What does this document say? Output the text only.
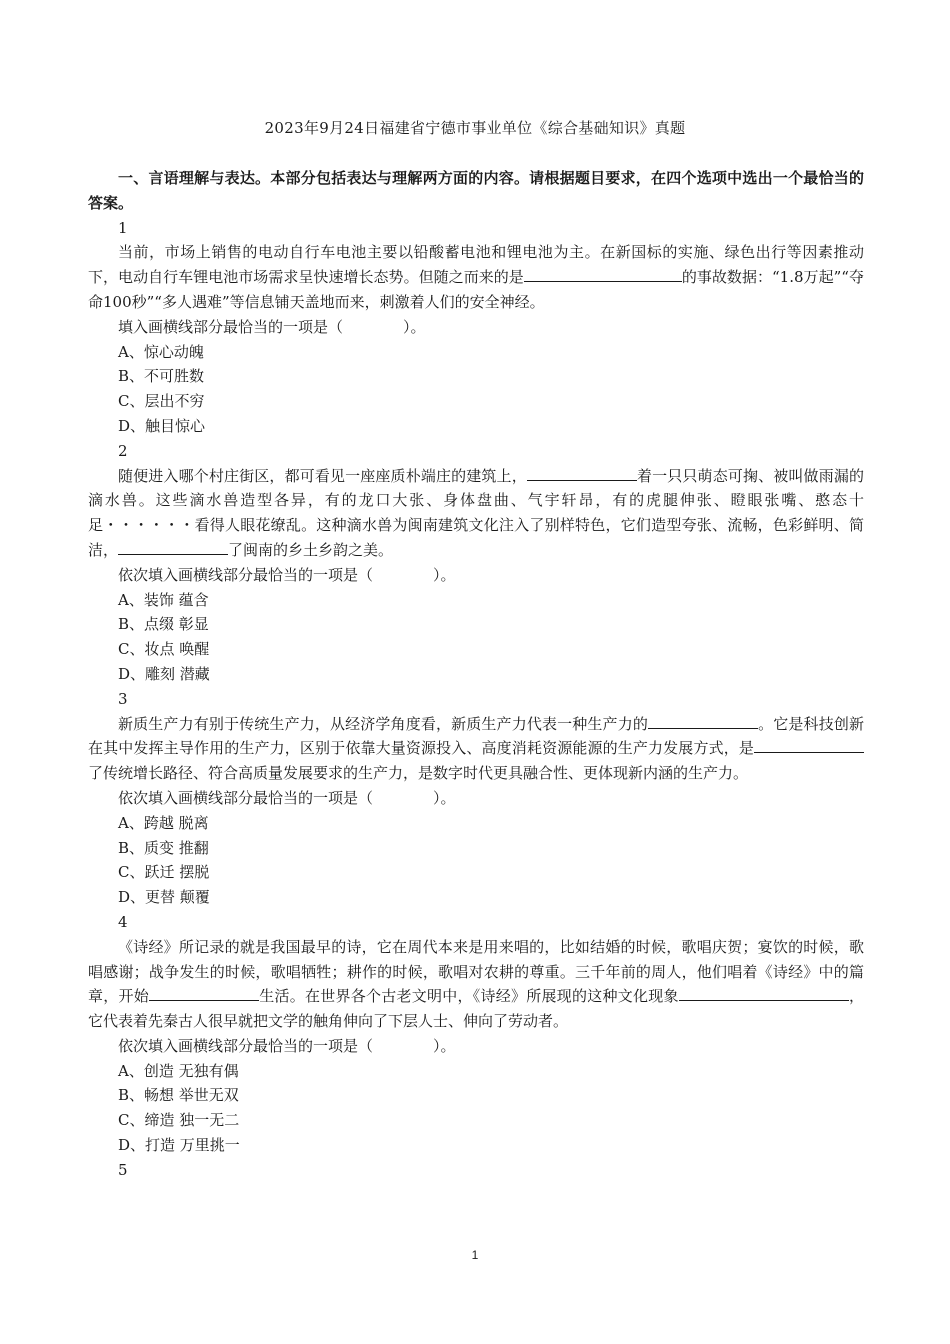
2023年9月24日福建省宁德市事业单位《综合基础知识》真题

一、言语理解与表达。本部分包括表达与理解两方面的内容。请根据题目要求，在四个选项中选出一个最恰当的答案。

1

当前，市场上销售的电动自行车电池主要以铅酸蓄电池和锂电池为主。在新国标的实施、绿色出行等因素推动下，电动自行车锂电池市场需求呈快速增长态势。但随之而来的是	的事故数据：“1.8万起”“夺命100秒”“多人遇难”等信息铺天盖地而来，刺激着人们的安全神经。

填入画横线部分最恰当的一项是（　　　　）。

A、惊心动魄

B、不可胜数

C、层出不穷

D、触目惊心

2

随便进入哪个村庄街区，都可看见一座座质朴端庄的建筑上，	着一只只萌态可掬、被叫做雨漏的滴水兽。这些滴水兽造型各异，有的龙口大张、身体盘曲、气宇轩昂，有的虎腿伸张、瞪眼张嘴、憨态十足・・・・・・看得人眼花缭乱。这种滴水兽为闽南建筑文化注入了别样特色，它们造型夸张、流畅，色彩鲜明、简洁，	了闽南的乡土乡韵之美。

依次填入画横线部分最恰当的一项是（　　　　）。

A、装饰 蕴含

B、点缀 彰显

C、妆点 唤醒

D、雕刻 潜藏

3

新质生产力有别于传统生产力，从经济学角度看，新质生产力代表一种生产力的	。它是科技创新在其中发挥主导作用的生产力，区别于依靠大量资源投入、高度消耗资源能源的生产力发展方式，是了传统增长路径、符合高质量发展要求的生产力，是数字时代更具融合性、更体现新内涵的生产力。

依次填入画横线部分最恰当的一项是（　　　　）。

A、跨越 脱离

B、质变 推翻

C、跃迁 摆脱

D、更替 颠覆

4

《诗经》所记录的就是我国最早的诗，它在周代本来是用来唱的，比如结婚的时候，歌唱庆贺；宴饮的时候，歌唱感谢；战争发生的时候，歌唱牺牲；耕作的时候，歌唱对农耕的尊重。三千年前的周人，他们唱着《诗经》中的篇章，开始	生活。在世界各个古老文明中，《诗经》所展现的这种文化现象	，它代表着先秦古人很早就把文学的触角伸向了下层人士、伸向了劳动者。

依次填入画横线部分最恰当的一项是（　　　　）。

A、创造 无独有偶

B、畅想 举世无双

C、缔造 独一无二

D、打造 万里挑一

5

1
